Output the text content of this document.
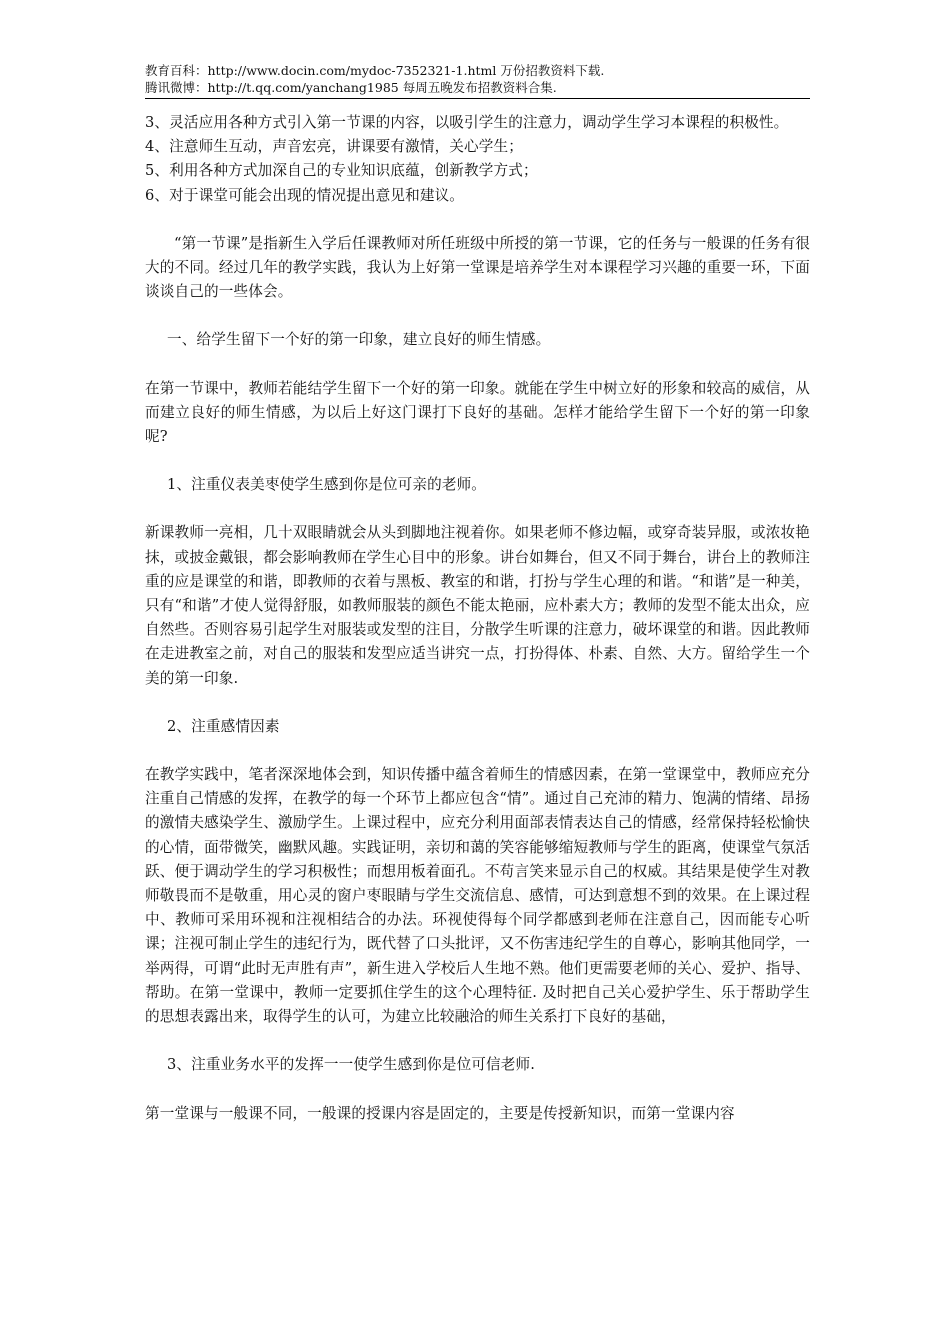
教育百科：http://www.docin.com/mydoc-7352321-1.html 万份招教资料下载.
腾讯微博：http://t.qq.com/yanchang1985 每周五晚发布招教资料合集.

3、灵活应用各种方式引入第一节课的内容，以吸引学生的注意力，调动学生学习本课程的积极性。

4、注意师生互动，声音宏亮，讲课要有激情，关心学生；

5、利用各种方式加深自己的专业知识底蕴，创新教学方式；

6、对于课堂可能会出现的情况提出意见和建议。

“第一节课”是指新生入学后任课教师对所任班级中所授的第一节课，它的任务与一般课的任务有很大的不同。经过几年的教学实践，我认为上好第一堂课是培养学生对本课程学习兴趣的重要一环，下面谈谈自己的一些体会。

一、给学生留下一个好的第一印象，建立良好的师生情感。

在第一节课中，教师若能结学生留下一个好的第一印象。就能在学生中树立好的形象和较高的威信，从而建立良好的师生情感，为以后上好这门课打下良好的基础。怎样才能给学生留下一个好的第一印象呢?

1、注重仪表美枣使学生感到你是位可亲的老师。

新课教师一亮相，几十双眼睛就会从头到脚地注视着你。如果老师不修边幅，或穿奇装异服，或浓妆艳抹，或披金戴银，都会影响教师在学生心目中的形象。讲台如舞台，但又不同于舞台，讲台上的教师注重的应是课堂的和谐，即教师的衣着与黑板、教室的和谐，打扮与学生心理的和谐。“和谐”是一种美，只有“和谐”才使人觉得舒服，如教师服装的颜色不能太艳丽，应朴素大方；教师的发型不能太出众，应自然些。否则容易引起学生对服装或发型的注目，分散学生听课的注意力，破坏课堂的和谐。因此教师在走进教室之前，对自己的服装和发型应适当讲究一点，打扮得体、朴素、自然、大方。留给学生一个美的第一印象.

2、注重感情因素

在教学实践中，笔者深深地体会到，知识传播中蕴含着师生的情感因素，在第一堂课堂中，教师应充分注重自己情感的发挥，在教学的每一个环节上都应包含“情”。通过自己充沛的精力、饱满的情绪、昂扬的激情夫感染学生、激励学生。上课过程中，应充分利用面部表情表达自己的情感，经常保持轻松愉快的心情，面带微笑，幽默风趣。实践证明，亲切和蔼的笑容能够缩短教师与学生的距离，使课堂气氛活跃、便于调动学生的学习积极性；而想用板着面孔。不苟言笑来显示自己的权威。其结果是使学生对教师敬畏而不是敬重，用心灵的窗户枣眼睛与学生交流信息、感情，可达到意想不到的效果。在上课过程中、教师可采用环视和注视相结合的办法。环视使得每个同学都感到老师在注意自己，因而能专心听课；注视可制止学生的违纪行为，既代替了口头批评，又不伤害违纪学生的自尊心，影响其他同学，一举两得，可谓“此时无声胜有声”，新生进入学校后人生地不熟。他们更需要老师的关心、爱护、指导、帮助。在第一堂课中，教师一定要抓住学生的这个心理特征. 及时把自己关心爱护学生、乐于帮助学生的思想表露出来，取得学生的认可，为建立比较融洽的师生关系打下良好的基础，

3、注重业务水平的发挥一一使学生感到你是位可信老师.

第一堂课与一般课不同，一般课的授课内容是固定的，主要是传授新知识，而第一堂课内容
